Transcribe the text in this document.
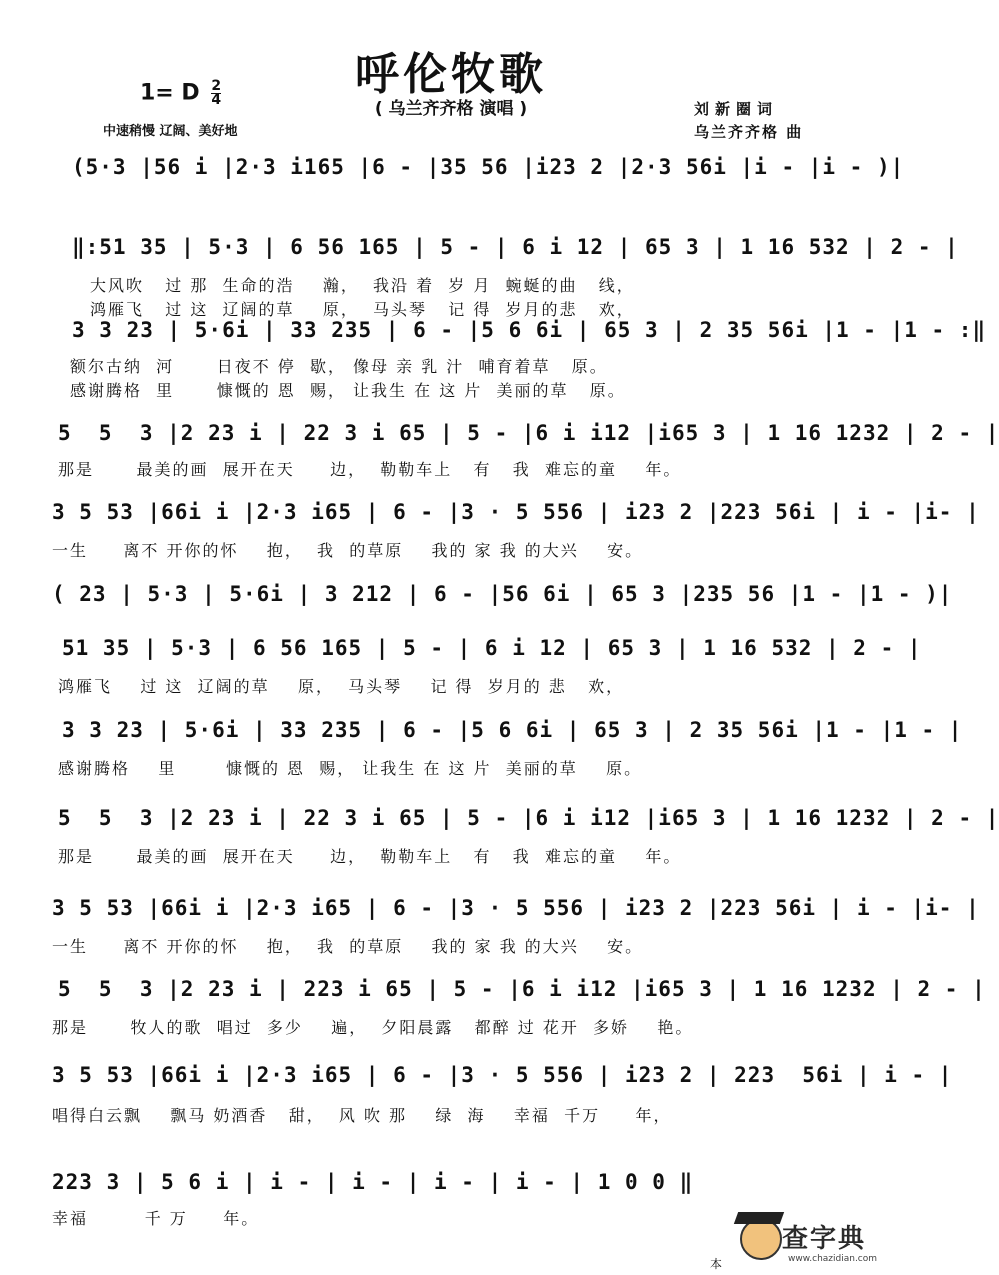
呼伦牧歌
( 乌兰齐齐格 演唱 )
1= D $\frac{2}{4}$
中速稍慢 辽阔、美好地
刘新圈词
乌兰齐齐格 曲
(5·3 |56 i |2·3 i165 |6 - |35 56 |i23 2 |2·3 56i |i - |i - )|
‖:51 35 | 5·3 | 6 56 165 | 5 - | 6 i 12 | 65 3 | 1 16 532 | 2 - |
大风吹   过 那  生命的浩    瀚，  我沿 着  岁 月  蜿蜒的曲   线，
鸿雁飞   过 这  辽阔的草    原，  马头琴   记 得  岁月的悲   欢，
3 3 23 | 5·6i | 33 235 | 6 - |5 6 6i | 65 3 | 2 35 56i |1 - |1 - :‖
额尔古纳  河      日夜不 停  歇， 像母 亲 乳 汁  哺育着草   原。
感谢腾格  里      慷慨的 恩  赐， 让我生 在 这 片  美丽的草   原。
5  5  3 |2 23 i | 22 3 i 65 | 5 - |6 i i12 |i65 3 | 1 16 1232 | 2 - |
那是      最美的画  展开在天     边，  勒勒车上   有   我  难忘的童    年。
3 5 53 |66i i |2·3 i65 | 6 - |3 · 5 556 | i23 2 |223 56i | i - |i- |
一生     离不 开你的怀    抱，  我  的草原    我的 家 我 的大兴    安。
( 23 | 5·3 | 5·6i | 3 212 | 6 - |56 6i | 65 3 |235 56 |1 - |1 - )|
51 35 | 5·3 | 6 56 165 | 5 - | 6 i 12 | 65 3 | 1 16 532 | 2 - |
鸿雁飞    过 这  辽阔的草    原，  马头琴    记 得  岁月的 悲   欢，
3 3 23 | 5·6i | 33 235 | 6 - |5 6 6i | 65 3 | 2 35 56i |1 - |1 - |
感谢腾格    里       慷慨的 恩  赐， 让我生 在 这 片  美丽的草    原。
5  5  3 |2 23 i | 22 3 i 65 | 5 - |6 i i12 |i65 3 | 1 16 1232 | 2 - |
那是      最美的画  展开在天     边，  勒勒车上   有   我  难忘的童    年。
3 5 53 |66i i |2·3 i65 | 6 - |3 · 5 556 | i23 2 |223 56i | i - |i- |
一生     离不 开你的怀    抱，  我  的草原    我的 家 我 的大兴    安。
5  5  3 |2 23 i | 223 i 65 | 5 - |6 i i12 |i65 3 | 1 16 1232 | 2 - |
那是      牧人的歌  唱过  多少    遍，  夕阳晨露   都醉 过 花开  多娇    艳。
3 5 53 |66i i |2·3 i65 | 6 - |3 · 5 556 | i23 2 | 223  56i | i - |
唱得白云飘    飘马 奶酒香   甜，  风 吹 那    绿  海    幸福  千万     年，
223 3 | 5 6 i | i - | i - | i - | i - | 1 0 0 ‖
幸福        千 万     年。
本
查字典
www.chazidian.com
